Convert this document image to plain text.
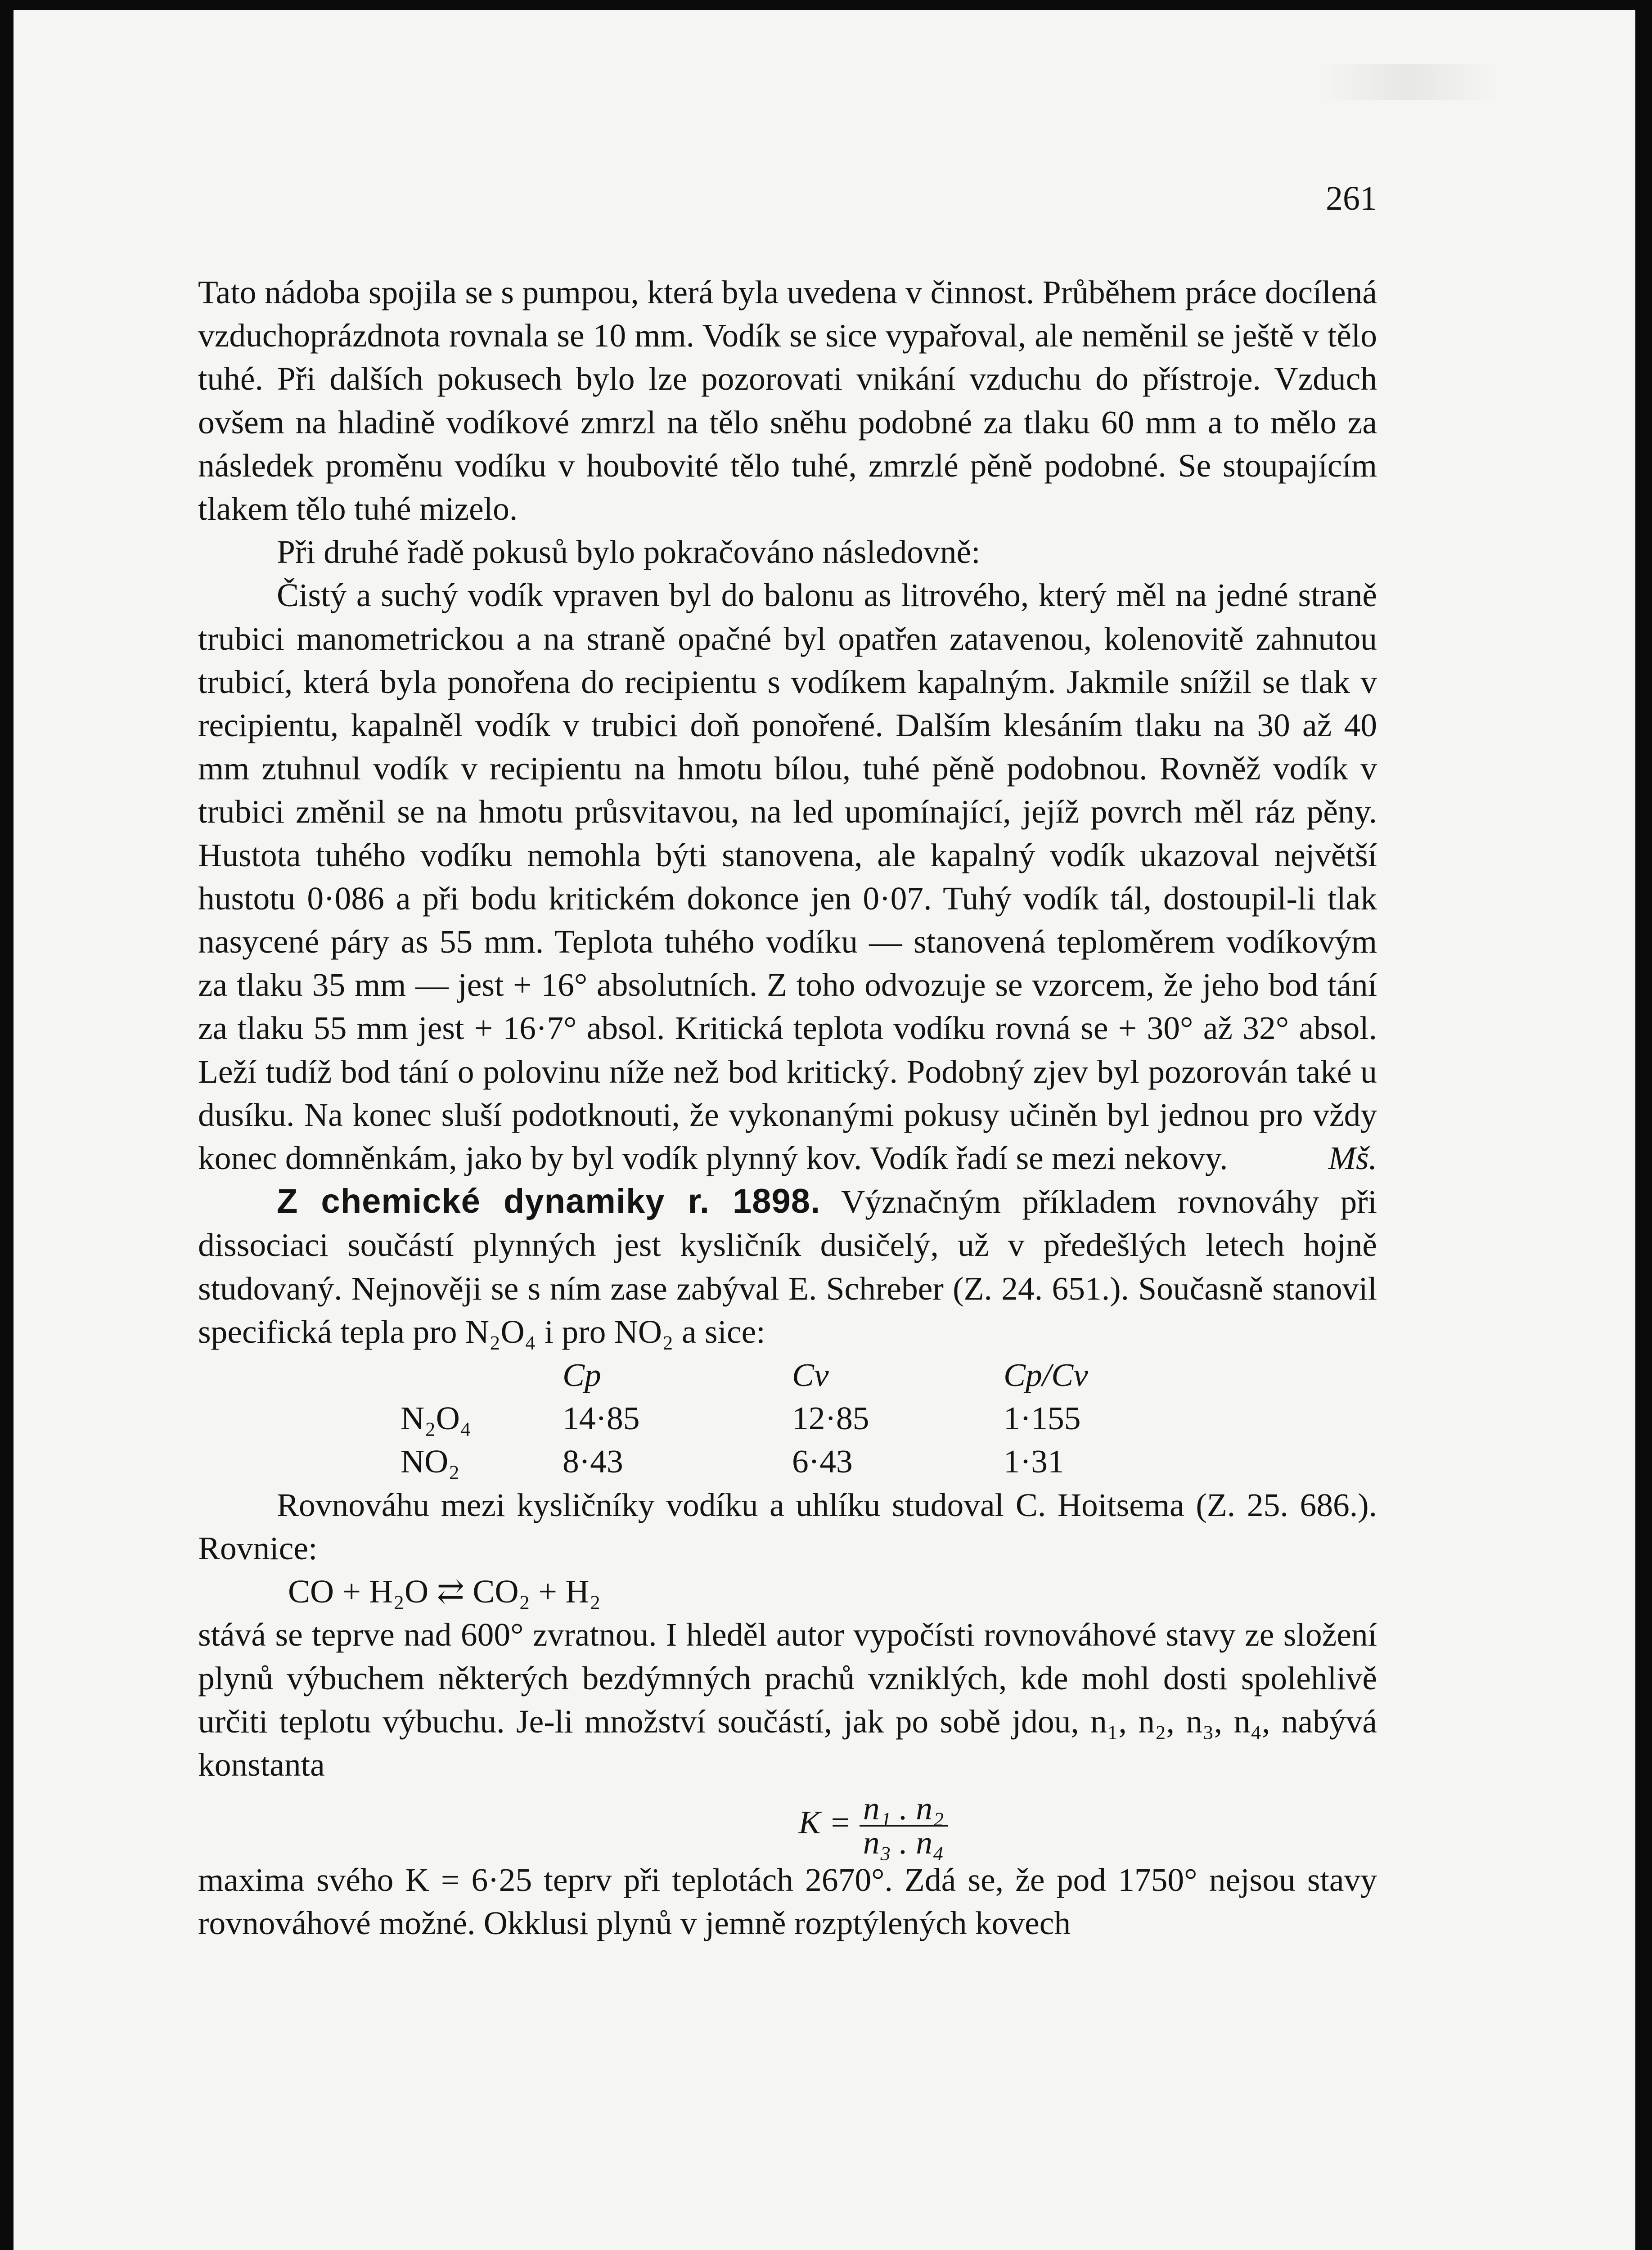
261

Tato nádoba spojila se s pumpou, která byla uvedena v činnost. Průběhem práce docílená vzduchoprázdnota rovnala se 10 mm. Vodík se sice vypařoval, ale neměnil se ještě v tělo tuhé. Při dalších pokusech bylo lze pozorovati vnikání vzduchu do přístroje. Vzduch ovšem na hladině vodíkové zmrzl na tělo sněhu podobné za tlaku 60 mm a to mělo za následek proměnu vodíku v houbovité tělo tuhé, zmrzlé pěně podobné. Se stoupajícím tlakem tělo tuhé mizelo.

Při druhé řadě pokusů bylo pokračováno následovně:

Čistý a suchý vodík vpraven byl do balonu as litrového, který měl na jedné straně trubici manometrickou a na straně opačné byl opatřen zatavenou, kolenovitě zahnutou trubicí, která byla ponořena do recipientu s vodíkem kapalným. Jakmile snížil se tlak v recipientu, kapalněl vodík v trubici doň ponořené. Dalším klesáním tlaku na 30 až 40 mm ztuhnul vodík v recipientu na hmotu bílou, tuhé pěně podobnou. Rovněž vodík v trubici změnil se na hmotu průsvitavou, na led upomínající, jejíž povrch měl ráz pěny. Hustota tuhého vodíku nemohla býti stanovena, ale kapalný vodík ukazoval největší hustotu 0·086 a při bodu kritickém dokonce jen 0·07. Tuhý vodík tál, dostoupil-li tlak nasycené páry as 55 mm. Teplota tuhého vodíku — stanovená teploměrem vodíkovým za tlaku 35 mm — jest + 16° absolutních. Z toho odvozuje se vzorcem, že jeho bod tání za tlaku 55 mm jest + 16·7° absol. Kritická teplota vodíku rovná se + 30° až 32° absol. Leží tudíž bod tání o polovinu níže než bod kritický. Podobný zjev byl pozorován také u dusíku. Na konec sluší podotknouti, že vykonanými pokusy učiněn byl jednou pro vždy konec domněnkám, jako by byl vodík plynný kov. Vodík řadí se mezi nekovy.	Mš.

Z chemické dynamiky r. 1898. Význačným příkladem rovnováhy při dissociaci součástí plynných jest kysličník dusičelý, už v předešlých letech hojně studovaný. Nejnověji se s ním zase zabýval E. Schreber (Z. 24. 651.). Současně stanovil specifická tepla pro N₂O₄ i pro NO₂ a sice:

	Cp	Cv	Cp/Cv
N₂O₄	14·85	12·85	1·155
NO₂	8·43	6·43	1·31

Rovnováhu mezi kysličníky vodíku a uhlíku studoval C. Hoitsema (Z. 25. 686.). Rovnice:

CO + H₂O ⇄ CO₂ + H₂

stává se teprve nad 600° zvratnou. I hleděl autor vypočísti rovnováhové stavy ze složení plynů výbuchem některých bezdýmných prachů vzniklých, kde mohl dosti spolehlivě určiti teplotu výbuchu. Je-li množství součástí, jak po sobě jdou, n₁, n₂, n₃, n₄, nabývá konstanta

$K = \frac{\text{n₁ . n₂}}{\text{n₃ . n₄}}$

maxima svého K = 6·25 teprv při teplotách 2670°. Zdá se, že pod 1750° nejsou stavy rovnováhové možné. Okklusi plynů v jemně rozptýlených kovech
